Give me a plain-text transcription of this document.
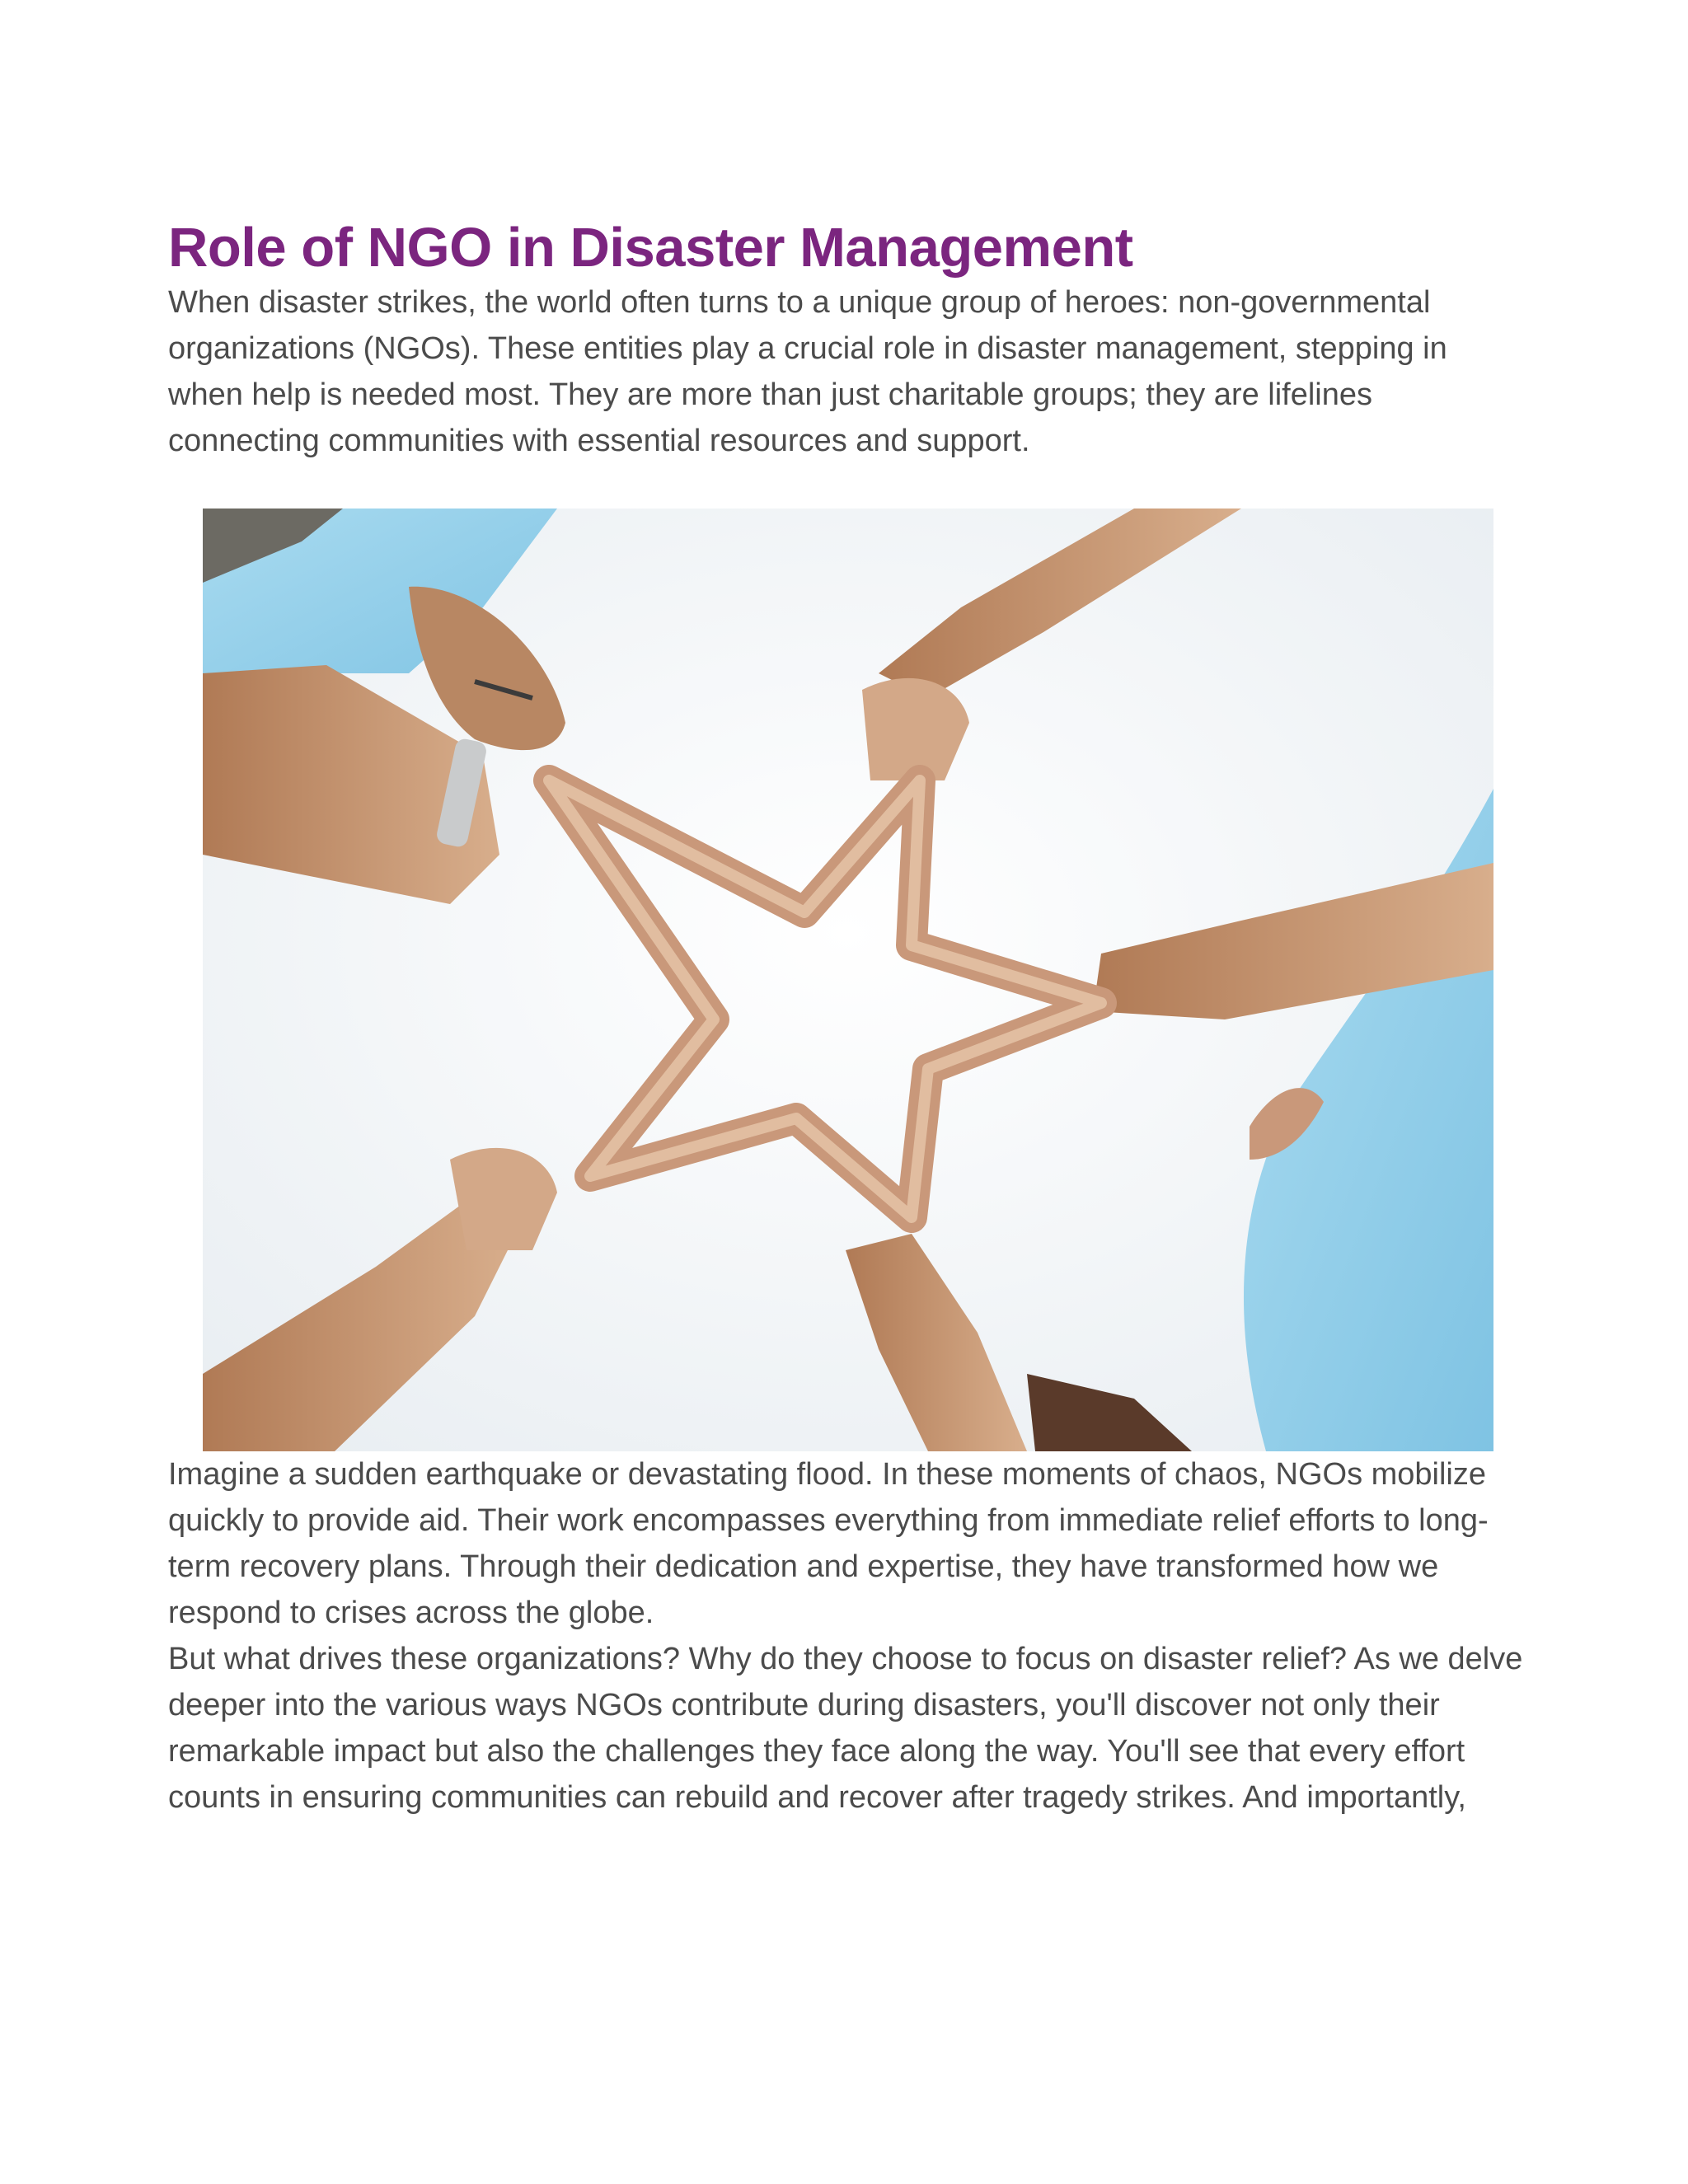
Role of NGO in Disaster Management

When disaster strikes, the world often turns to a unique group of heroes: non-governmental organizations (NGOs). These entities play a crucial role in disaster management, stepping in when help is needed most. They are more than just charitable groups; they are lifelines connecting communities with essential resources and support.

Imagine a sudden earthquake or devastating flood. In these moments of chaos, NGOs mobilize quickly to provide aid. Their work encompasses everything from immediate relief efforts to long-term recovery plans. Through their dedication and expertise, they have transformed how we respond to crises across the globe.

But what drives these organizations? Why do they choose to focus on disaster relief? As we delve deeper into the various ways NGOs contribute during disasters, you'll discover not only their remarkable impact but also the challenges they face along the way. You'll see that every effort counts in ensuring communities can rebuild and recover after tragedy strikes. And importantly,
